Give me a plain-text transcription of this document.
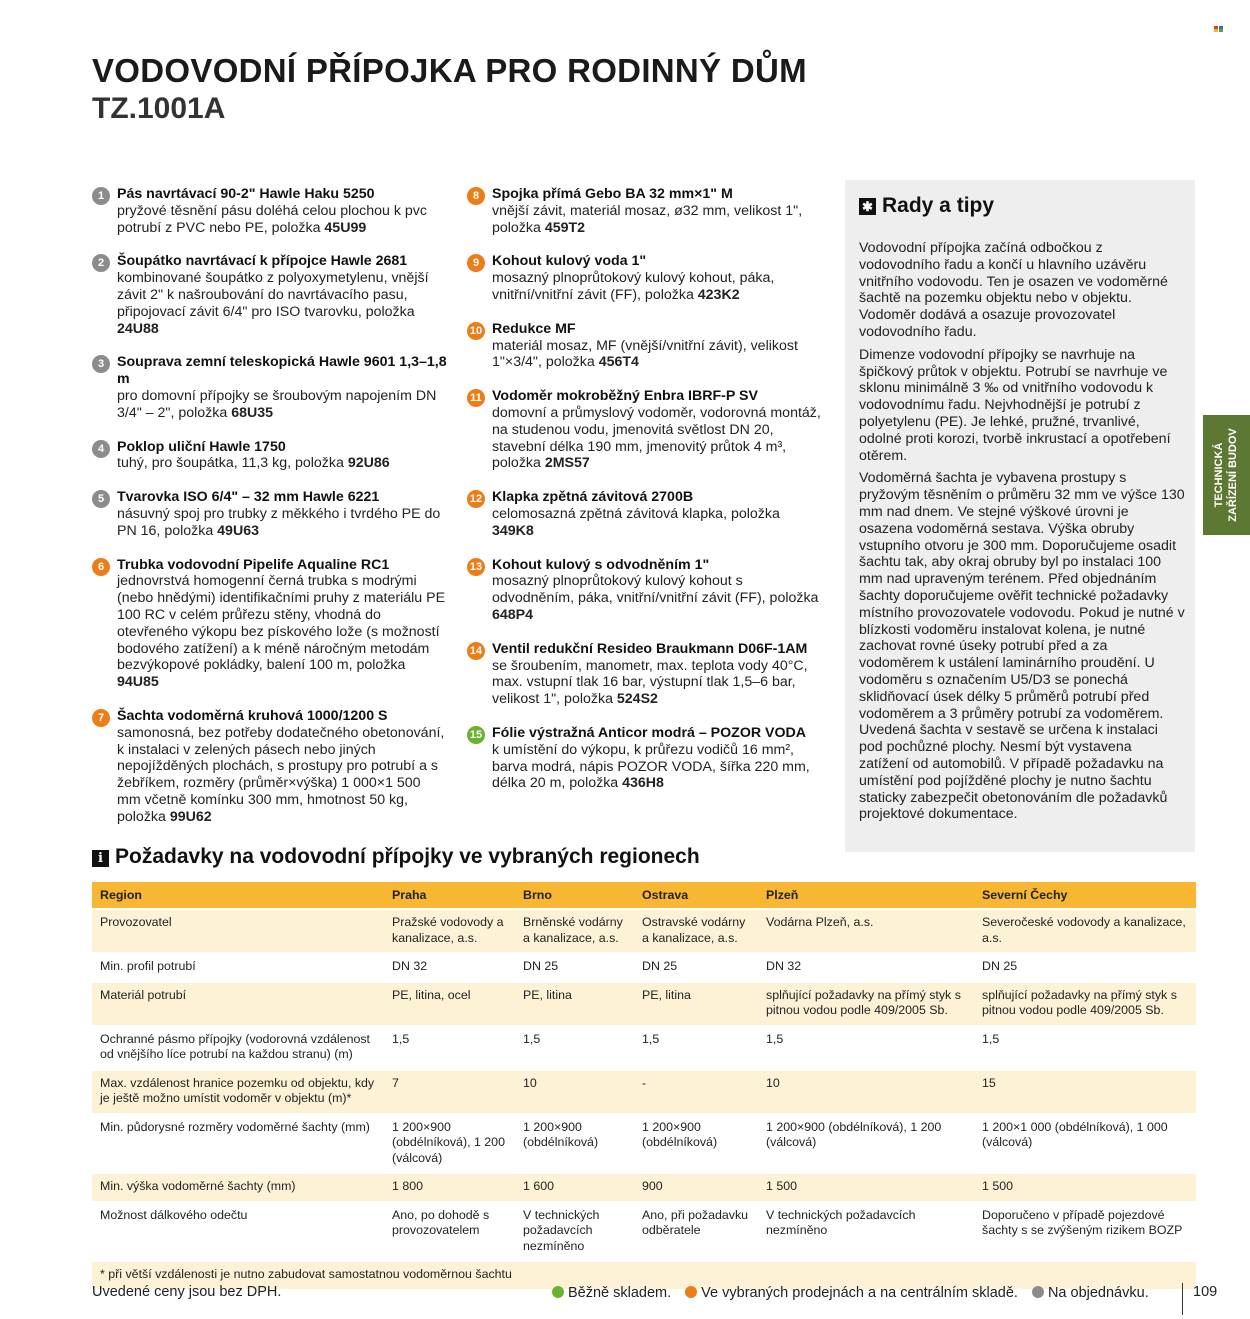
VODOVODNÍ PŘÍPOJKA PRO RODINNÝ DŮM
TZ.1001A
1 Pás navrtávací 90-2" Hawle Haku 5250
pryžové těsnění pásu doléhá celou plochou k pvc potrubí z PVC nebo PE, položka 45U99
2 Šoupátko navrtávací k přípojce Hawle 2681
kombinované šoupátko z polyoxymetylenu, vnější závit 2" k našroubování do navrtávacího pasu, připojovací závit 6/4" pro ISO tvarovku, položka 24U88
3 Souprava zemní teleskopická Hawle 9601 1,3–1,8 m
pro domovní přípojky se šroubovým napojením DN 3/4" – 2", položka 68U35
4 Poklop uliční Hawle 1750
tuhý, pro šoupátka, 11,3 kg, položka 92U86
5 Tvarovka ISO 6/4" – 32 mm Hawle 6221
násuvný spoj pro trubky z měkkého i tvrdého PE do PN 16, položka 49U63
6 Trubka vodovodní Pipelife Aqualine RC1
jednovrstvá homogenní černá trubka s modrými (nebo hnědými) identifikačními pruhy z materiálu PE 100 RC v celém průřezu stěny, vhodná do otevřeného výkopu bez pískového lože (s možností bodového zatížení) a k méně náročným metodám bezvýkopové pokládky, balení 100 m, položka 94U85
7 Šachta vodoměrná kruhová 1000/1200 S
samonosná, bez potřeby dodatečného obetonování, k instalaci v zelených pásech nebo jiných nepojížděných plochách, s prostupy pro potrubí a s žebříkem, rozměry (průměr×výška) 1 000×1 500 mm včetně komínku 300 mm, hmotnost 50 kg, položka 99U62
8 Spojka přímá Gebo BA 32 mm×1" M
vnější závit, materiál mosaz, ø32 mm, velikost 1", položka 459T2
9 Kohout kulový voda 1"
mosazný plnoprůtokový kulový kohout, páka, vnitřní/vnitřní závit (FF), položka 423K2
10 Redukce MF
materiál mosaz, MF (vnější/vnitřní závit), velikost 1"×3/4", položka 456T4
11 Vodoměr mokroběžný Enbra IBRF-P SV
domovní a průmyslový vodoměr, vodorovná montáž, na studenou vodu, jmenovitá světlost DN 20, stavební délka 190 mm, jmenovitý průtok 4 m³, položka 2MS57
12 Klapka zpětná závitová 2700B
celomosazná zpětná závitová klapka, položka 349K8
13 Kohout kulový s odvodněním 1"
mosazný plnoprůtokový kulový kohout s odvodněním, páka, vnitřní/vnitřní závit (FF), položka 648P4
14 Ventil redukční Resideo Braukmann D06F-1AM
se šroubením, manometr, max. teplota vody 40°C, max. vstupní tlak 16 bar, výstupní tlak 1,5–6 bar, velikost 1", položka 524S2
15 Fólie výstražná Anticor modrá – POZOR VODA
k umístění do výkopu, k průřezu vodičů 16 mm², barva modrá, nápis POZOR VODA, šířka 220 mm, délka 20 m, položka 436H8
✱ Rady a tipy

Vodovodní přípojka začíná odbočkou z vodovodního řadu a končí u hlavního uzávěru vnitřního vodovodu. Ten je osazen ve vodoměrné šachtě na pozemku objektu nebo v objektu. Vodoměr dodává a osazuje provozovatel vodovodního řadu.

Dimenze vodovodní přípojky se navrhuje na špičkový průtok v objektu. Potrubí se navrhuje ve sklonu minimálně 3 ‰ od vnitřního vodovodu k vodovodnímu řadu. Nejvhodnější je potrubí z polyetylenu (PE). Je lehké, pružné, trvanlivé, odolné proti korozi, tvorbě inkrustací a opotřebení otěrem.

Vodoměrná šachta je vybavena prostupy s pryžovým těsněním o průměru 32 mm ve výšce 130 mm nad dnem. Ve stejné výškové úrovni je osazena vodoměrná sestava. Výška obruby vstupního otvoru je 300 mm. Doporučujeme osadit šachtu tak, aby okraj obruby byl po instalaci 100 mm nad upraveným terénem. Před objednáním šachty doporučujeme ověřit technické požadavky místního provozovatele vodovodu. Pokud je nutné v blízkosti vodoměru instalovat kolena, je nutné zachovat rovné úseky potrubí před a za vodoměrem k ustálení laminárního proudění. U vodoměru s označením U5/D3 se ponechá sklidňovací úsek délky 5 průměrů potrubí před vodoměrem a 3 průměry potrubí za vodoměrem. Uvedená šachta v sestavě se určena k instalaci pod pochůzné plochy. Nesmí být vystavena zatížení od automobilů. V případě požadavku na umístění pod pojížděné plochy je nutno šachtu staticky zabezpečit obetonováním dle požadavků projektové dokumentace.

TECHNICKÁ ZAŘÍZENÍ BUDOV
i Požadavky na vodovodní přípojky ve vybraných regionech
Region	Praha	Brno	Ostrava	Plzeň	Severní Čechy
Provozovatel	Pražské vodovody a kanalizace, a.s.	Brněnské vodárny a kanalizace, a.s.	Ostravské vodárny a kanalizace, a.s.	Vodárna Plzeň, a.s.	Severočeské vodovody a kanalizace, a.s.
Min. profil potrubí	DN 32	DN 25	DN 25	DN 32	DN 25
Materiál potrubí	PE, litina, ocel	PE, litina	PE, litina	splňující požadavky na přímý styk s pitnou vodou podle 409/2005 Sb.	splňující požadavky na přímý styk s pitnou vodou podle 409/2005 Sb.
Ochranné pásmo přípojky (vodorovná vzdálenost od vnějšího líce potrubí na každou stranu) (m)	1,5	1,5	1,5	1,5	1,5
Max. vzdálenost hranice pozemku od objektu, kdy je ještě možno umístit vodoměr v objektu (m)*	7	10	-	10	15
Min. půdorysné rozměry vodoměrné šachty (mm)	1 200×900 (obdélníková), 1 200 (válcová)	1 200×900 (obdélníková)	1 200×900 (obdélníková)	1 200×900 (obdélníková), 1 200 (válcová)	1 200×1 000 (obdélníková), 1 000 (válcová)
Min. výška vodoměrné šachty (mm)	1 800	1 600	900	1 500	1 500
Možnost dálkového odečtu	Ano, po dohodě s provozovatelem	V technických požadavcích nezmíněno	Ano, při požadavku odběratele	V technických požadavcích nezmíněno	Doporučeno v případě pojezdové šachty s se zvýšeným rizikem BOZP
* při větší vzdálenosti je nutno zabudovat samostatnou vodoměrnou šachtu					
Uvedené ceny jsou bez DPH.	Běžně skladem. Ve vybraných prodejnách a na centrálním skladě. Na objednávku.	109
